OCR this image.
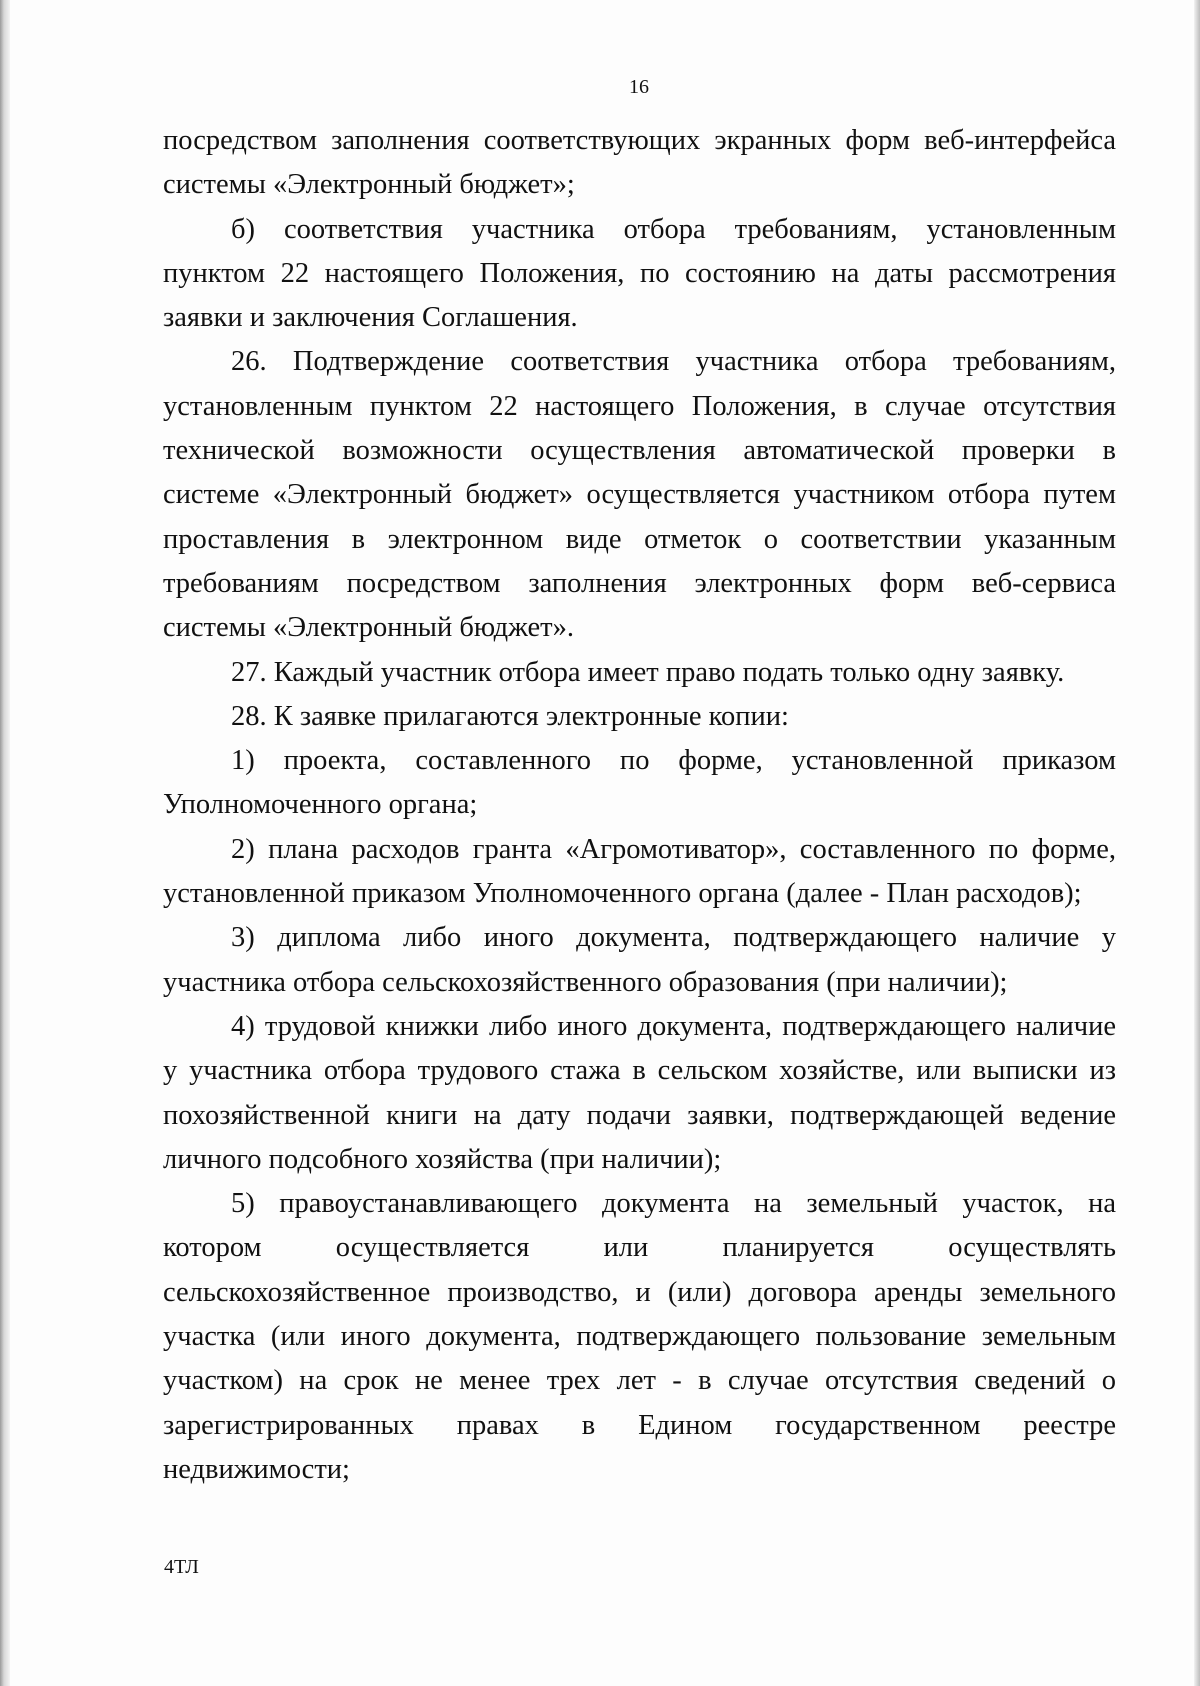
16

посредством заполнения соответствующих экранных форм веб-интерфейса системы «Электронный бюджет»;

б) соответствия участника отбора требованиям, установленным пунктом 22 настоящего Положения, по состоянию на даты рассмотрения заявки и заключения Соглашения.

26. Подтверждение соответствия участника отбора требованиям, установленным пунктом 22 настоящего Положения, в случае отсутствия технической возможности осуществления автоматической проверки в системе «Электронный бюджет» осуществляется участником отбора путем проставления в электронном виде отметок о соответствии указанным требованиям посредством заполнения электронных форм веб-сервиса системы «Электронный бюджет».

27. Каждый участник отбора имеет право подать только одну заявку.

28. К заявке прилагаются электронные копии:

1) проекта, составленного по форме, установленной приказом Уполномоченного органа;

2) плана расходов гранта «Агромотиватор», составленного по форме, установленной приказом Уполномоченного органа (далее - План расходов);

3) диплома либо иного документа, подтверждающего наличие у участника отбора сельскохозяйственного образования (при наличии);

4) трудовой книжки либо иного документа, подтверждающего наличие у участника отбора трудового стажа в сельском хозяйстве, или выписки из похозяйственной книги на дату подачи заявки, подтверждающей ведение личного подсобного хозяйства (при наличии);

5) правоустанавливающего документа на земельный участок, на котором осуществляется или планируется осуществлять сельскохозяйственное производство, и (или) договора аренды земельного участка (или иного документа, подтверждающего пользование земельным участком) на срок не менее трех лет - в случае отсутствия сведений о зарегистрированных правах в Едином государственном реестре недвижимости;

4ТЛ
